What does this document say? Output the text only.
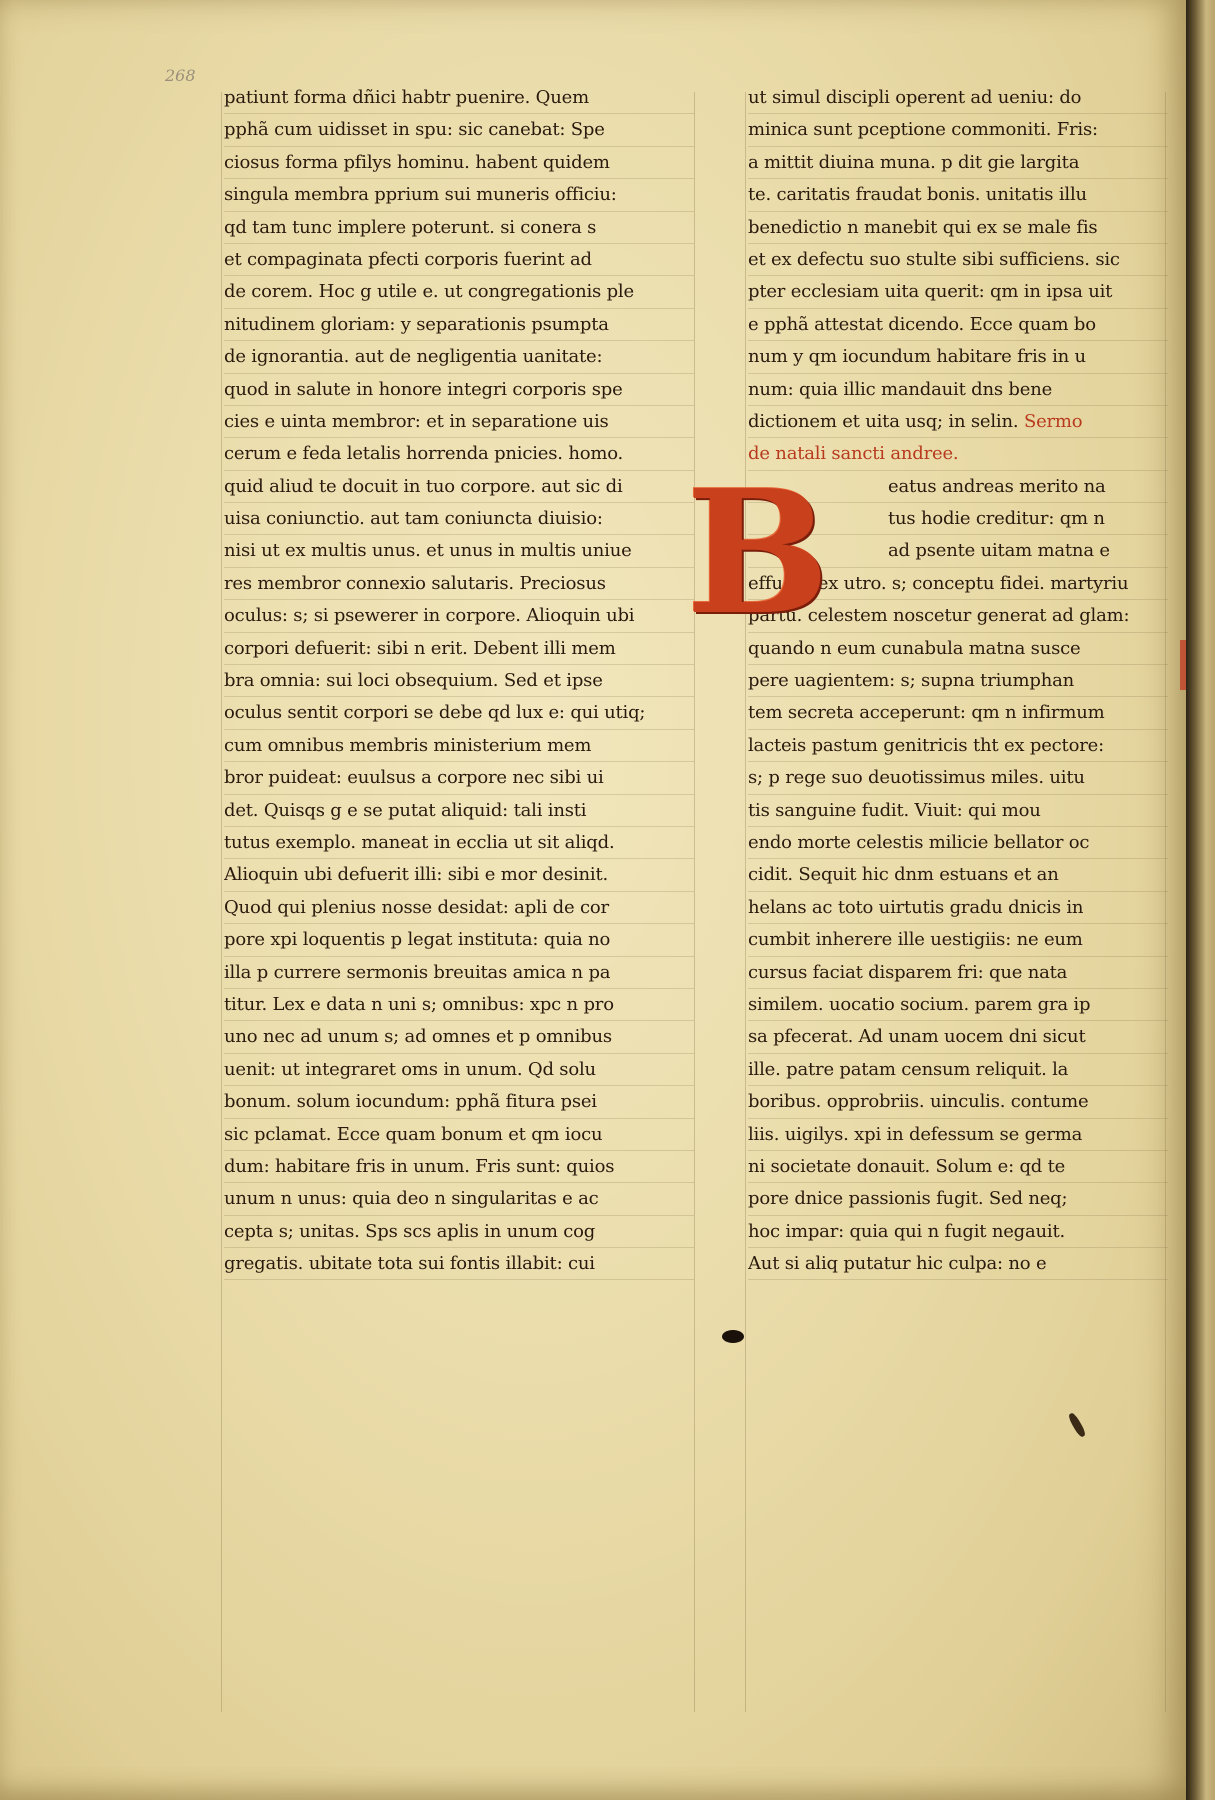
268
patiunt forma dñici habtr puenire. Quem
pphã cum uidisset in spu: sic canebat: Spe
ciosus forma pfilys hominu. habent quidem
singula membra pprium sui muneris officiu:
qd tam tunc implere poterunt. si conera s
et compaginata pfecti corporis fuerint ad
de corem. Hoc g utile e. ut congregationis ple
nitudinem gloriam: y separationis psumpta
de ignorantia. aut de negligentia uanitate:
quod in salute in honore integri corporis spe
cies e uinta membror: et in separatione uis
cerum e feda letalis horrenda pnicies. homo.
quid aliud te docuit in tuo corpore. aut sic di
uisa coniunctio. aut tam coniuncta diuisio:
nisi ut ex multis unus. et unus in multis uniue
res membror connexio salutaris. Preciosus
oculus: s; si psewerer in corpore. Alioquin ubi
corpori defuerit: sibi n erit. Debent illi mem
bra omnia: sui loci obsequium. Sed et ipse
oculus sentit corpori se debe qd lux e: qui utiq;
cum omnibus membris ministerium mem
bror puideat: euulsus a corpore nec sibi ui
det. Quisqs g e se putat aliquid: tali insti
tutus exemplo. maneat in ecclia ut sit aliqd.
Alioquin ubi defuerit illi: sibi e mor desinit.
Quod qui plenius nosse desidat: apli de cor
pore xpi loquentis p legat instituta: quia no
illa p currere sermonis breuitas amica n pa
titur. Lex e data n uni s; omnibus: xpc n pro
uno nec ad unum s; ad omnes et p omnibus
uenit: ut integraret oms in unum. Qd solu
bonum. solum iocundum: pphã fitura psei
sic pclamat. Ecce quam bonum et qm iocu
dum: habitare fris in unum. Fris sunt: quios
unum n unus: quia deo n singularitas e ac
cepta s; unitas. Sps scs aplis in unum cog
gregatis. ubitate tota sui fontis illabit: cui
ut simul discipli operent ad ueniu: do
minica sunt pceptione commoniti. Fris:
a mittit diuina muna. p dit gie largita
te. caritatis fraudat bonis. unitatis illu
benedictio n manebit qui ex se male fis
et ex defectu suo stulte sibi sufficiens. sic
pter ecclesiam uita querit: qm in ipsa uit
e pphã attestat dicendo. Ecce quam bo
num y qm iocundum habitare fris in u
num: quia illic mandauit dns bene
dictionem et uita usq; in selin. Sermo
de natali sancti andree.
eatus andreas merito na
tus hodie creditur: qm n
ad psente uitam matna e
effusus ex utro. s; conceptu fidei. martyriu
partu. celestem noscetur generat ad glam:
quando n eum cunabula matna susce
pere uagientem: s; supna triumphan
tem secreta acceperunt: qm n infirmum
lacteis pastum genitricis tht ex pectore:
s; p rege suo deuotissimus miles. uitu
tis sanguine fudit. Viuit: qui mou
endo morte celestis milicie bellator oc
cidit. Sequit hic dnm estuans et an
helans ac toto uirtutis gradu dnicis in
cumbit inherere ille uestigiis: ne eum
cursus faciat disparem fri: que nata
similem. uocatio socium. parem gra ip
sa pfecerat. Ad unam uocem dni sicut
ille. patre patam censum reliquit. la
boribus. opprobriis. uinculis. contume
liis. uigilys. xpi in defessum se germa
ni societate donauit. Solum e: qd te
pore dnice passionis fugit. Sed neq;
hoc impar: quia qui n fugit negauit.
Aut si aliq putatur hic culpa: no e
B
